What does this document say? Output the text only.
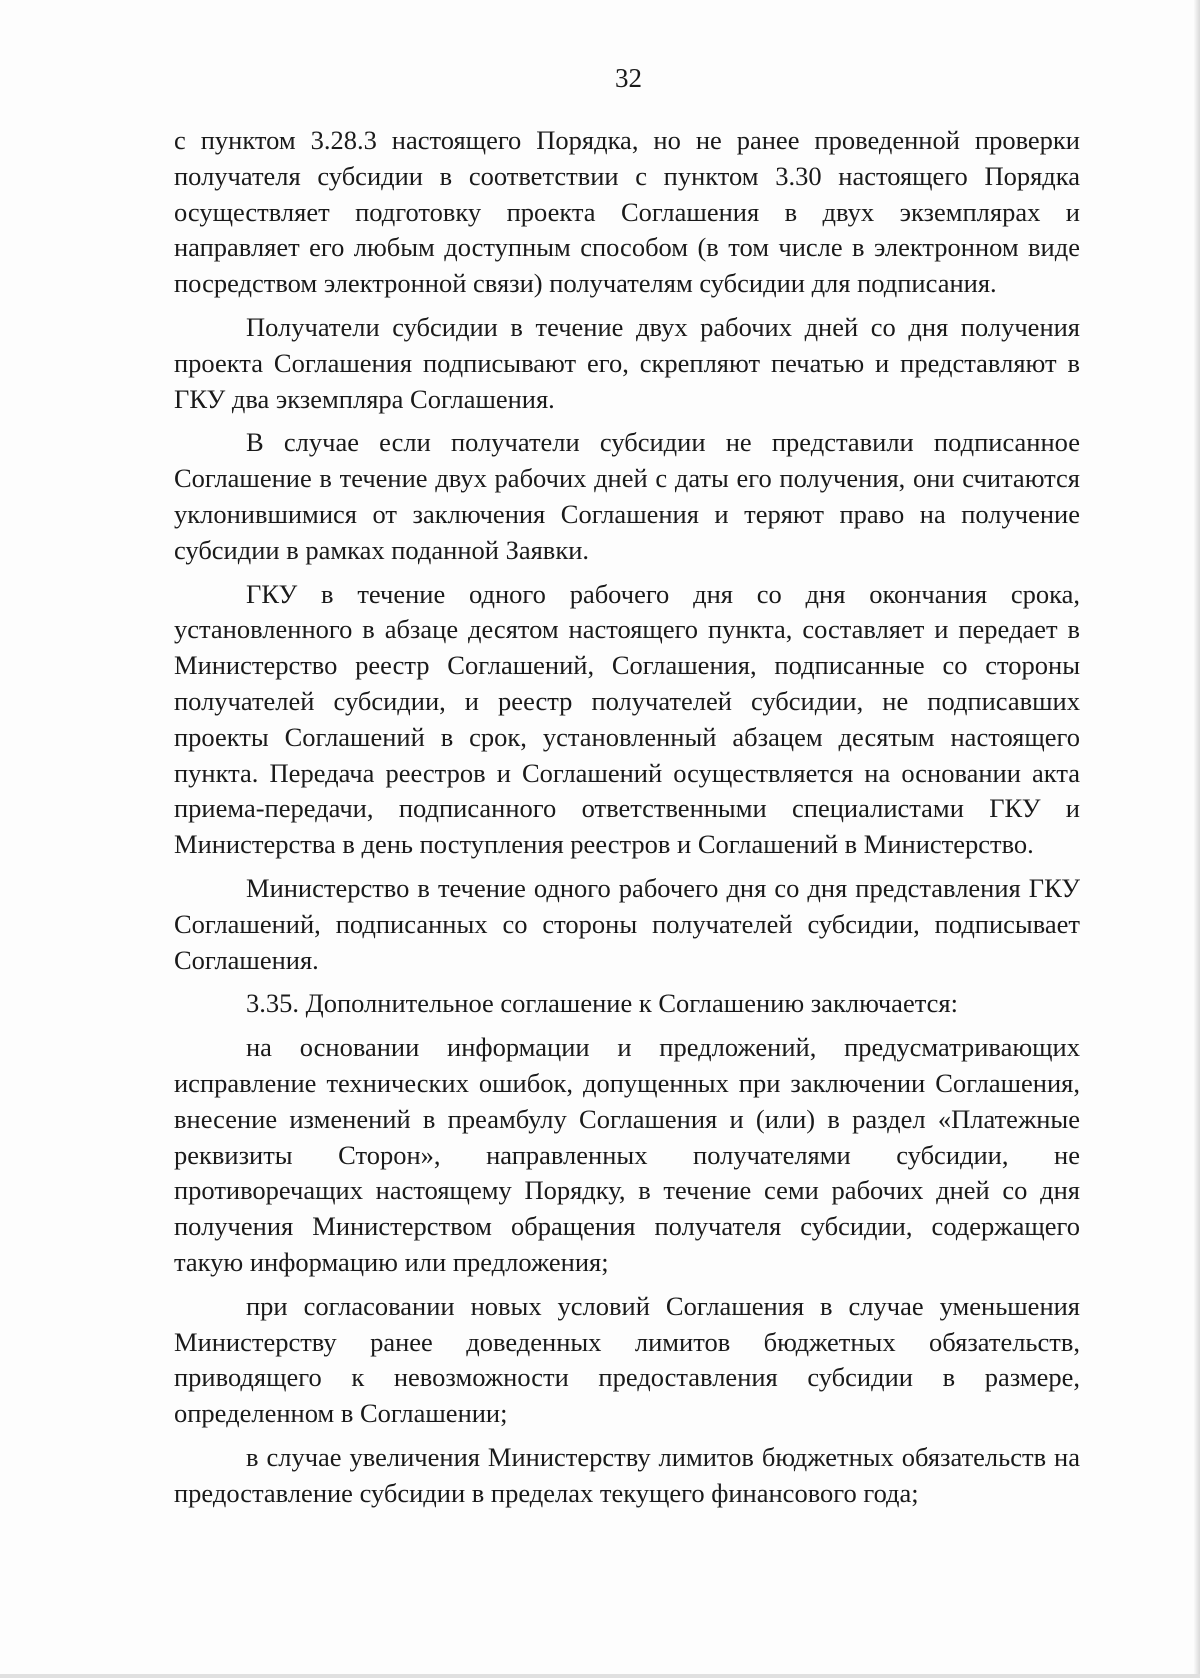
32

с пунктом 3.28.3 настоящего Порядка, но не ранее проведенной проверки получателя субсидии в соответствии с пунктом 3.30 настоящего Порядка осуществляет подготовку проекта Соглашения в двух экземплярах и направляет его любым доступным способом (в том числе в электронном виде посредством электронной связи) получателям субсидии для подписания.

Получатели субсидии в течение двух рабочих дней со дня получения проекта Соглашения подписывают его, скрепляют печатью и представляют в ГКУ два экземпляра Соглашения.

В случае если получатели субсидии не представили подписанное Соглашение в течение двух рабочих дней с даты его получения, они считаются уклонившимися от заключения Соглашения и теряют право на получение субсидии в рамках поданной Заявки.

ГКУ в течение одного рабочего дня со дня окончания срока, установленного в абзаце десятом настоящего пункта, составляет и передает в Министерство реестр Соглашений, Соглашения, подписанные со стороны получателей субсидии, и реестр получателей субсидии, не подписавших проекты Соглашений в срок, установленный абзацем десятым настоящего пункта. Передача реестров и Соглашений осуществляется на основании акта приема-передачи, подписанного ответственными специалистами ГКУ и Министерства в день поступления реестров и Соглашений в Министерство.

Министерство в течение одного рабочего дня со дня представления ГКУ Соглашений, подписанных со стороны получателей субсидии, подписывает Соглашения.

3.35. Дополнительное соглашение к Соглашению заключается:

на основании информации и предложений, предусматривающих исправление технических ошибок, допущенных при заключении Соглашения, внесение изменений в преамбулу Соглашения и (или) в раздел «Платежные реквизиты Сторон», направленных получателями субсидии, не противоречащих настоящему Порядку, в течение семи рабочих дней со дня получения Министерством обращения получателя субсидии, содержащего такую информацию или предложения;

при согласовании новых условий Соглашения в случае уменьшения Министерству ранее доведенных лимитов бюджетных обязательств, приводящего к невозможности предоставления субсидии в размере, определенном в Соглашении;

в случае увеличения Министерству лимитов бюджетных обязательств на предоставление субсидии в пределах текущего финансового года;
